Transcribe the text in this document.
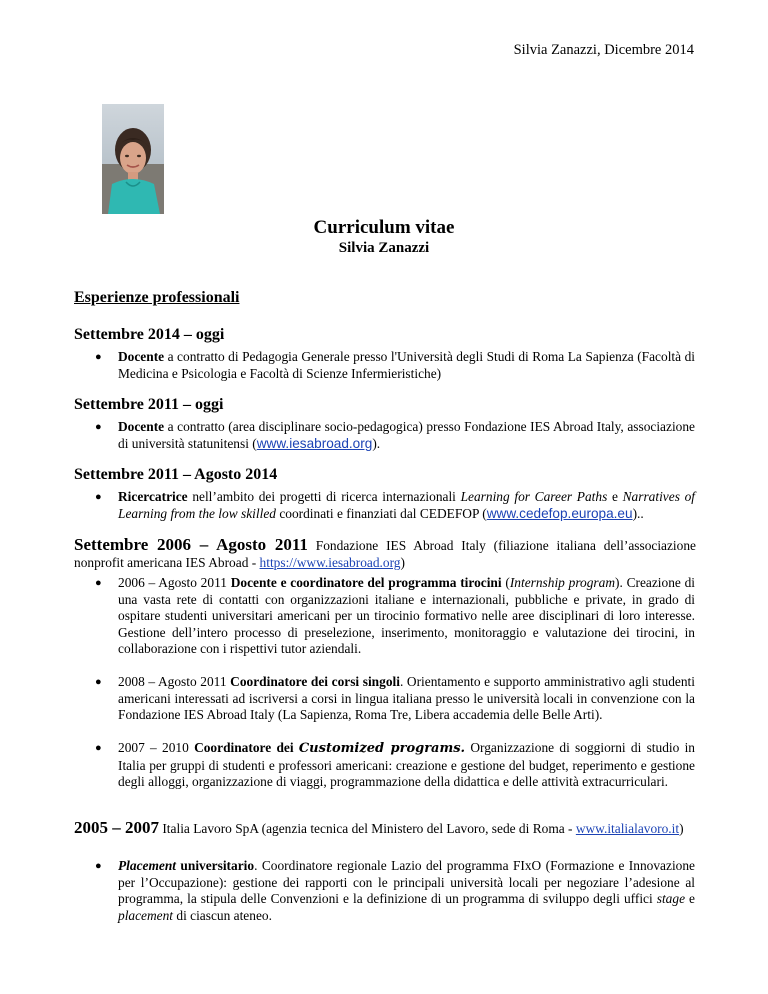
Silvia Zanazzi, Dicembre 2014
Curriculum vitae
Silvia Zanazzi
Esperienze professionali
Settembre 2014 – oggi
● Docente a contratto di Pedagogia Generale presso l'Università degli Studi di Roma La Sapienza (Facoltà di Medicina e Psicologia e Facoltà di Scienze Infermieristiche)
Settembre 2011 – oggi
● Docente a contratto (area disciplinare socio-pedagogica) presso Fondazione IES Abroad Italy, associazione di università statunitensi (www.iesabroad.org).
Settembre 2011 – Agosto 2014
● Ricercatrice nell’ambito dei progetti di ricerca internazionali Learning for Career Paths e Narratives of Learning from the low skilled coordinati e finanziati dal CEDEFOP (www.cedefop.europa.eu)..
Settembre 2006 – Agosto 2011 Fondazione IES Abroad Italy (filiazione italiana dell’associazione nonprofit americana IES Abroad - https://www.iesabroad.org)
● 2006 – Agosto 2011 Docente e coordinatore del programma tirocini (Internship program). Creazione di una vasta rete di contatti con organizzazioni italiane e internazionali, pubbliche e private, in grado di ospitare studenti universitari americani per un tirocinio formativo nelle aree disciplinari di loro interesse. Gestione dell’intero processo di preselezione, inserimento, monitoraggio e valutazione dei tirocini, in collaborazione con i rispettivi tutor aziendali.
● 2008 – Agosto 2011 Coordinatore dei corsi singoli. Orientamento e supporto amministrativo agli studenti americani interessati ad iscriversi a corsi in lingua italiana presso le università locali in convenzione con la Fondazione IES Abroad Italy (La Sapienza, Roma Tre, Libera accademia delle Belle Arti).
● 2007 – 2010 Coordinatore dei Customized programs. Organizzazione di soggiorni di studio in Italia per gruppi di studenti e professori americani: creazione e gestione del budget, reperimento e gestione degli alloggi, organizzazione di viaggi, programmazione della didattica e delle attività extracurriculari.
2005 – 2007 Italia Lavoro SpA (agenzia tecnica del Ministero del Lavoro, sede di Roma - www.italialavoro.it)
● Placement universitario. Coordinatore regionale Lazio del programma FIxO (Formazione e Innovazione per l’Occupazione): gestione dei rapporti con le principali università locali per negoziare l’adesione al programma, la stipula delle Convenzioni e la definizione di un programma di sviluppo degli uffici stage e placement di ciascun ateneo.
